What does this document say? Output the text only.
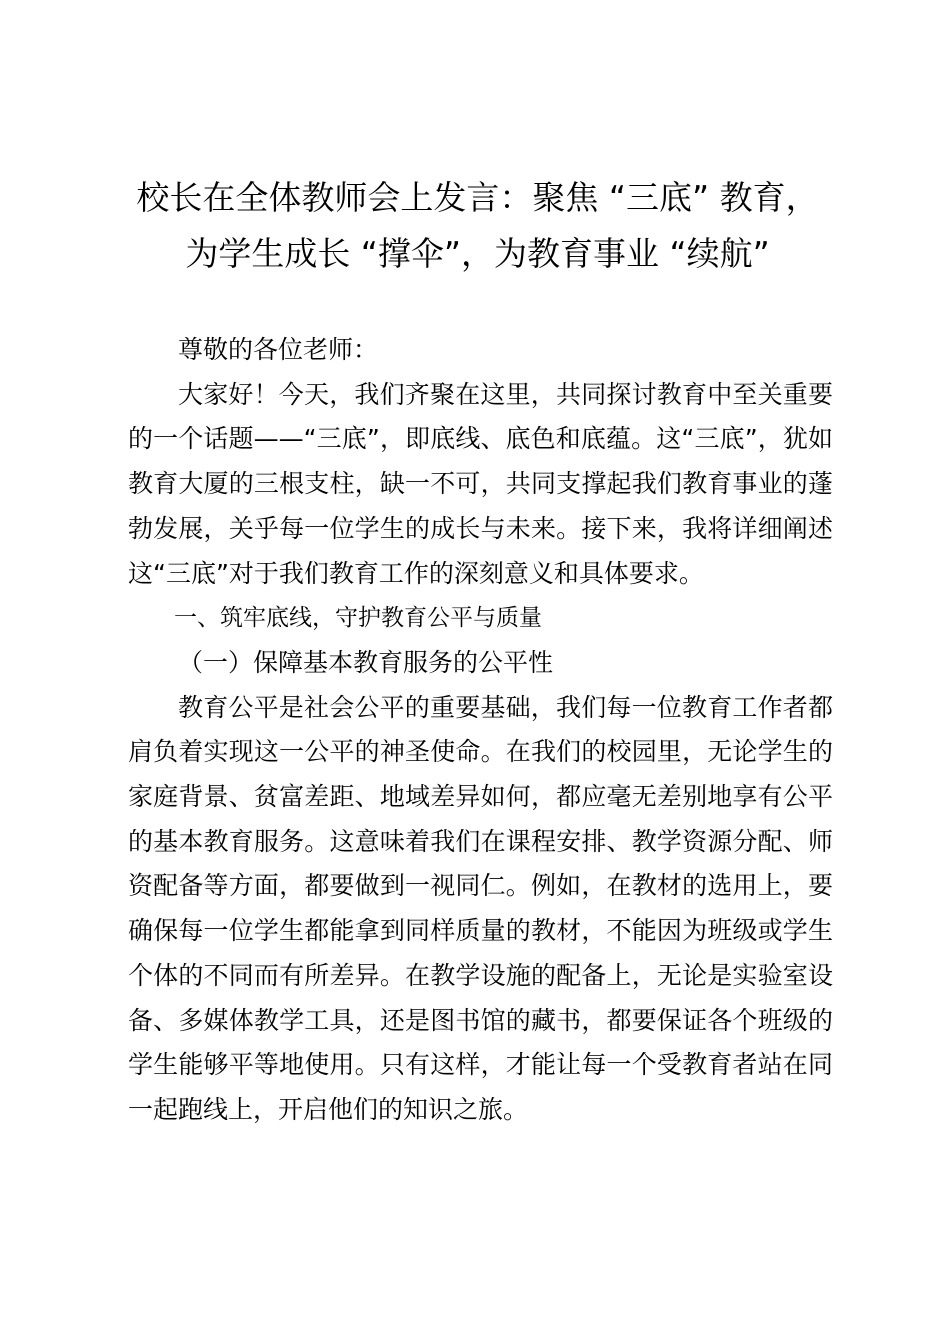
校长在全体教师会上发言：聚焦 “三底” 教育，为学生成长 “撑伞”，为教育事业 “续航”

尊敬的各位老师：

大家好！今天，我们齐聚在这里，共同探讨教育中至关重要的一个话题——“三底”，即底线、底色和底蕴。这“三底”，犹如教育大厦的三根支柱，缺一不可，共同支撑起我们教育事业的蓬勃发展，关乎每一位学生的成长与未来。接下来，我将详细阐述这“三底”对于我们教育工作的深刻意义和具体要求。

一、筑牢底线，守护教育公平与质量

（一）保障基本教育服务的公平性

教育公平是社会公平的重要基础，我们每一位教育工作者都肩负着实现这一公平的神圣使命。在我们的校园里，无论学生的家庭背景、贫富差距、地域差异如何，都应毫无差别地享有公平的基本教育服务。这意味着我们在课程安排、教学资源分配、师资配备等方面，都要做到一视同仁。例如，在教材的选用上，要确保每一位学生都能拿到同样质量的教材，不能因为班级或学生个体的不同而有所差异。在教学设施的配备上，无论是实验室设备、多媒体教学工具，还是图书馆的藏书，都要保证各个班级的学生能够平等地使用。只有这样，才能让每一个受教育者站在同一起跑线上，开启他们的知识之旅。
